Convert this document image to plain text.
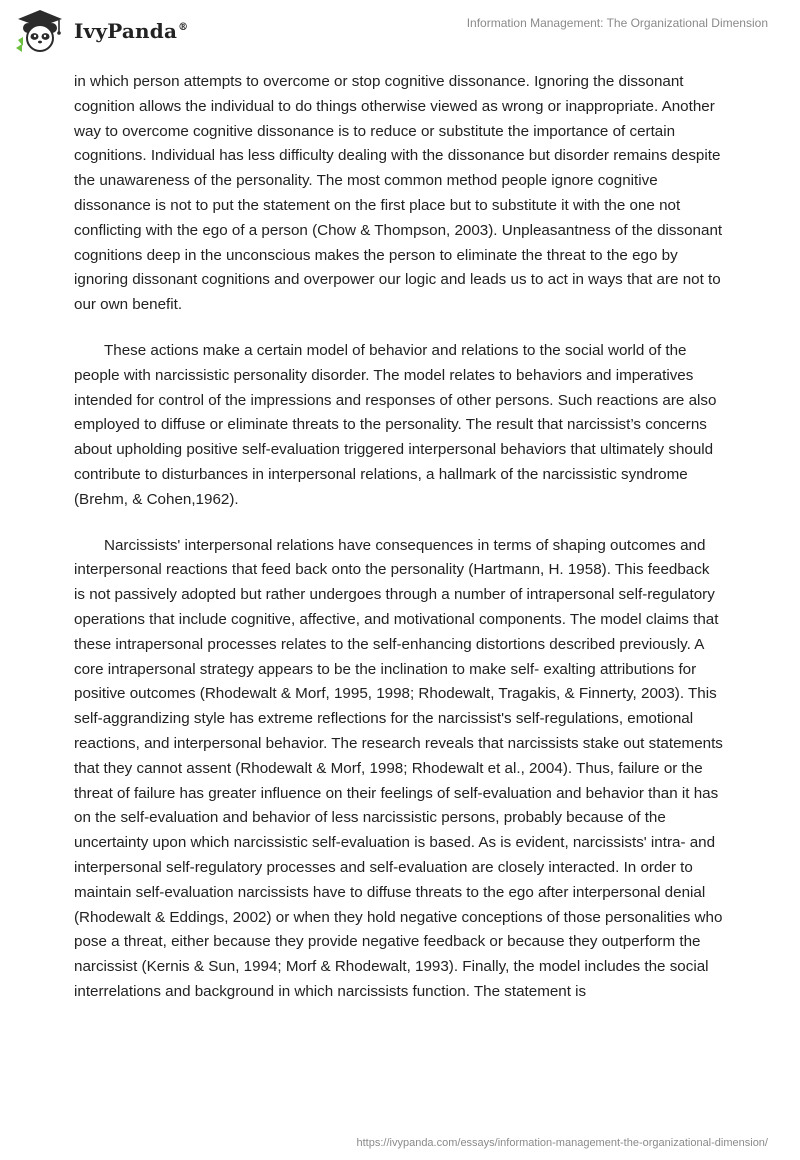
IvyPanda®	Information Management: The Organizational Dimension

in which person attempts to overcome or stop cognitive dissonance. Ignoring the dissonant cognition allows the individual to do things otherwise viewed as wrong or inappropriate. Another way to overcome cognitive dissonance is to reduce or substitute the importance of certain cognitions. Individual has less difficulty dealing with the dissonance but disorder remains despite the unawareness of the personality. The most common method people ignore cognitive dissonance is not to put the statement on the first place but to substitute it with the one not conflicting with the ego of a person (Chow & Thompson, 2003). Unpleasantness of the dissonant cognitions deep in the unconscious makes the person to eliminate the threat to the ego by ignoring dissonant cognitions and overpower our logic and leads us to act in ways that are not to our own benefit.

These actions make a certain model of behavior and relations to the social world of the people with narcissistic personality disorder. The model relates to behaviors and imperatives intended for control of the impressions and responses of other persons. Such reactions are also employed to diffuse or eliminate threats to the personality. The result that narcissist’s concerns about upholding positive self-evaluation triggered interpersonal behaviors that ultimately should contribute to disturbances in interpersonal relations, a hallmark of the narcissistic syndrome (Brehm, & Cohen,1962).

Narcissists' interpersonal relations have consequences in terms of shaping outcomes and interpersonal reactions that feed back onto the personality (Hartmann, H. 1958). This feedback is not passively adopted but rather undergoes through a number of intrapersonal self-regulatory operations that include cognitive, affective, and motivational components. The model claims that these intrapersonal processes relates to the self-enhancing distortions described previously. A core intrapersonal strategy appears to be the inclination to make self- exalting attributions for positive outcomes (Rhodewalt & Morf, 1995, 1998; Rhodewalt, Tragakis, & Finnerty, 2003). This self-aggrandizing style has extreme reflections for the narcissist's self-regulations, emotional reactions, and interpersonal behavior. The research reveals that narcissists stake out statements that they cannot assent (Rhodewalt & Morf, 1998; Rhodewalt et al., 2004). Thus, failure or the threat of failure has greater influence on their feelings of self-evaluation and behavior than it has on the self-evaluation and behavior of less narcissistic persons, probably because of the uncertainty upon which narcissistic self-evaluation is based. As is evident, narcissists' intra- and interpersonal self-regulatory processes and self-evaluation are closely interacted. In order to maintain self-evaluation narcissists have to diffuse threats to the ego after interpersonal denial (Rhodewalt & Eddings, 2002) or when they hold negative conceptions of those personalities who pose a threat, either because they provide negative feedback or because they outperform the narcissist (Kernis & Sun, 1994; Morf & Rhodewalt, 1993). Finally, the model includes the social interrelations and background in which narcissists function. The statement is

https://ivypanda.com/essays/information-management-the-organizational-dimension/
